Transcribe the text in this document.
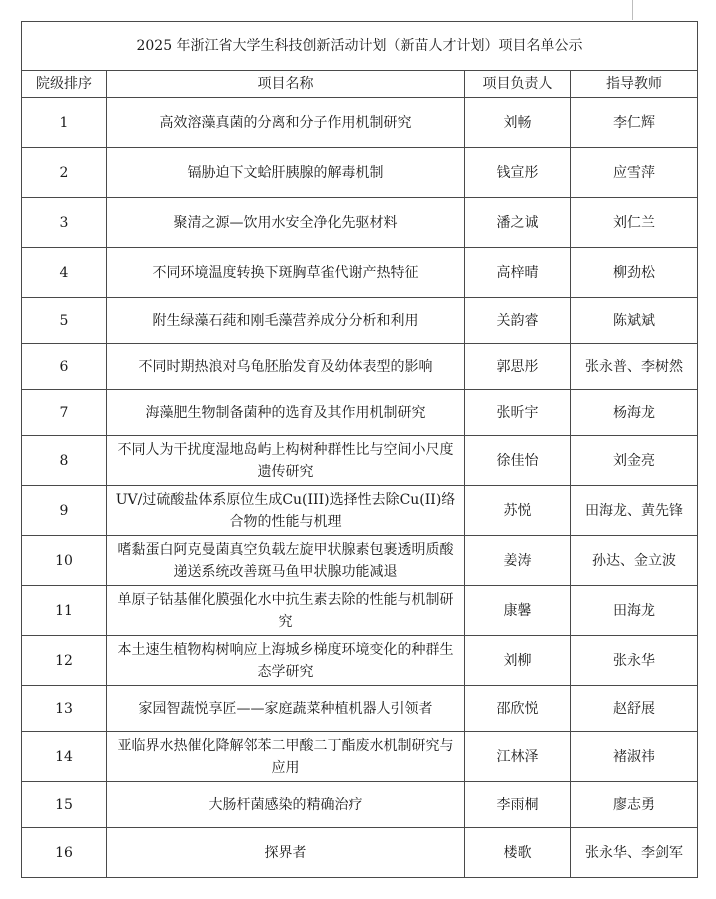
2025 年浙江省大学生科技创新活动计划（新苗人才计划）项目名单公示			
院级排序	项目名称	项目负责人	指导教师
1	高效溶藻真菌的分离和分子作用机制研究	刘畅	李仁辉
2	镉胁迫下文蛤肝胰腺的解毒机制	钱宣彤	应雪萍
3	聚清之源—饮用水安全净化先驱材料	潘之诚	刘仁兰
4	不同环境温度转换下斑胸草雀代谢产热特征	高梓晴	柳劲松
5	附生绿藻石莼和刚毛藻营养成分分析和利用	关韵睿	陈斌斌
6	不同时期热浪对乌龟胚胎发育及幼体表型的影响	郭思彤	张永普、李树然
7	海藻肥生物制备菌种的选育及其作用机制研究	张昕宇	杨海龙
8	不同人为干扰度湿地岛屿上构树种群性比与空间小尺度遗传研究	徐佳怡	刘金亮
9	UV/过硫酸盐体系原位生成Cu(III)选择性去除Cu(II)络合物的性能与机理	苏悦	田海龙、黄先锋
10	嗜黏蛋白阿克曼菌真空负载左旋甲状腺素包裹透明质酸递送系统改善斑马鱼甲状腺功能减退	姜涛	孙达、金立波
11	单原子钴基催化膜强化水中抗生素去除的性能与机制研究	康馨	田海龙
12	本土速生植物构树响应上海城乡梯度环境变化的种群生态学研究	刘柳	张永华
13	家园智蔬悦享匠——家庭蔬菜种植机器人引领者	邵欣悦	赵舒展
14	亚临界水热催化降解邻苯二甲酸二丁酯废水机制研究与应用	江林泽	褚淑祎
15	大肠杆菌感染的精确治疗	李雨桐	廖志勇
16	探界者	楼歌	张永华、李剑军
